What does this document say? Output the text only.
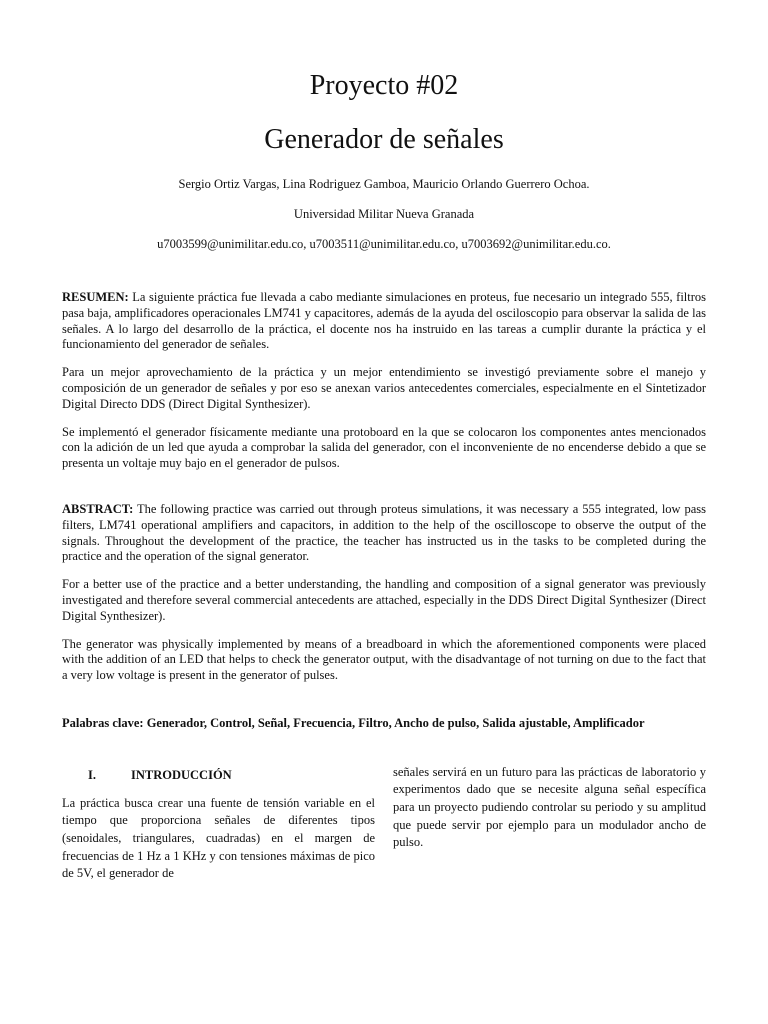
Proyecto #02
Generador de señales
Sergio Ortiz Vargas, Lina Rodriguez Gamboa, Mauricio Orlando Guerrero Ochoa.
Universidad Militar Nueva Granada
u7003599@unimilitar.edu.co, u7003511@unimilitar.edu.co, u7003692@unimilitar.edu.co.

RESUMEN: La siguiente práctica fue llevada a cabo mediante simulaciones en proteus, fue necesario un integrado 555, filtros pasa baja, amplificadores operacionales LM741 y capacitores, además de la ayuda del osciloscopio para observar la salida de las señales. A lo largo del desarrollo de la práctica, el docente nos ha instruido en las tareas a cumplir durante la práctica y el funcionamiento del generador de señales.

Para un mejor aprovechamiento de la práctica y un mejor entendimiento se investigó previamente sobre el manejo y composición de un generador de señales y por eso se anexan varios antecedentes comerciales, especialmente en el Sintetizador Digital Directo DDS (Direct Digital Synthesizer).

Se implementó el generador físicamente mediante una protoboard en la que se colocaron los componentes antes mencionados con la adición de un led que ayuda a comprobar la salida del generador, con el inconveniente de no encenderse debido a que se presenta un voltaje muy bajo en el generador de pulsos.

ABSTRACT: The following practice was carried out through proteus simulations, it was necessary a 555 integrated, low pass filters, LM741 operational amplifiers and capacitors, in addition to the help of the oscilloscope to observe the output of the signals. Throughout the development of the practice, the teacher has instructed us in the tasks to be completed during the practice and the operation of the signal generator.

For a better use of the practice and a better understanding, the handling and composition of a signal generator was previously investigated and therefore several commercial antecedents are attached, especially in the DDS Direct Digital Synthesizer (Direct Digital Synthesizer).

The generator was physically implemented by means of a breadboard in which the aforementioned components were placed with the addition of an LED that helps to check the generator output, with the disadvantage of not turning on due to the fact that a very low voltage is present in the generator of pulses.

Palabras clave: Generador, Control, Señal, Frecuencia, Filtro, Ancho de pulso, Salida ajustable, Amplificador

I.	INTRODUCCIÓN

La práctica busca crear una fuente de tensión variable en el tiempo que proporciona señales de diferentes tipos (senoidales, triangulares, cuadradas) en el margen de frecuencias de 1 Hz a 1 KHz y con tensiones máximas de pico de 5V, el generador de

señales servirá en un futuro para las prácticas de laboratorio y experimentos dado que se necesite alguna señal específica para un proyecto pudiendo controlar su periodo y su amplitud que puede servir por ejemplo para un modulador ancho de pulso.
